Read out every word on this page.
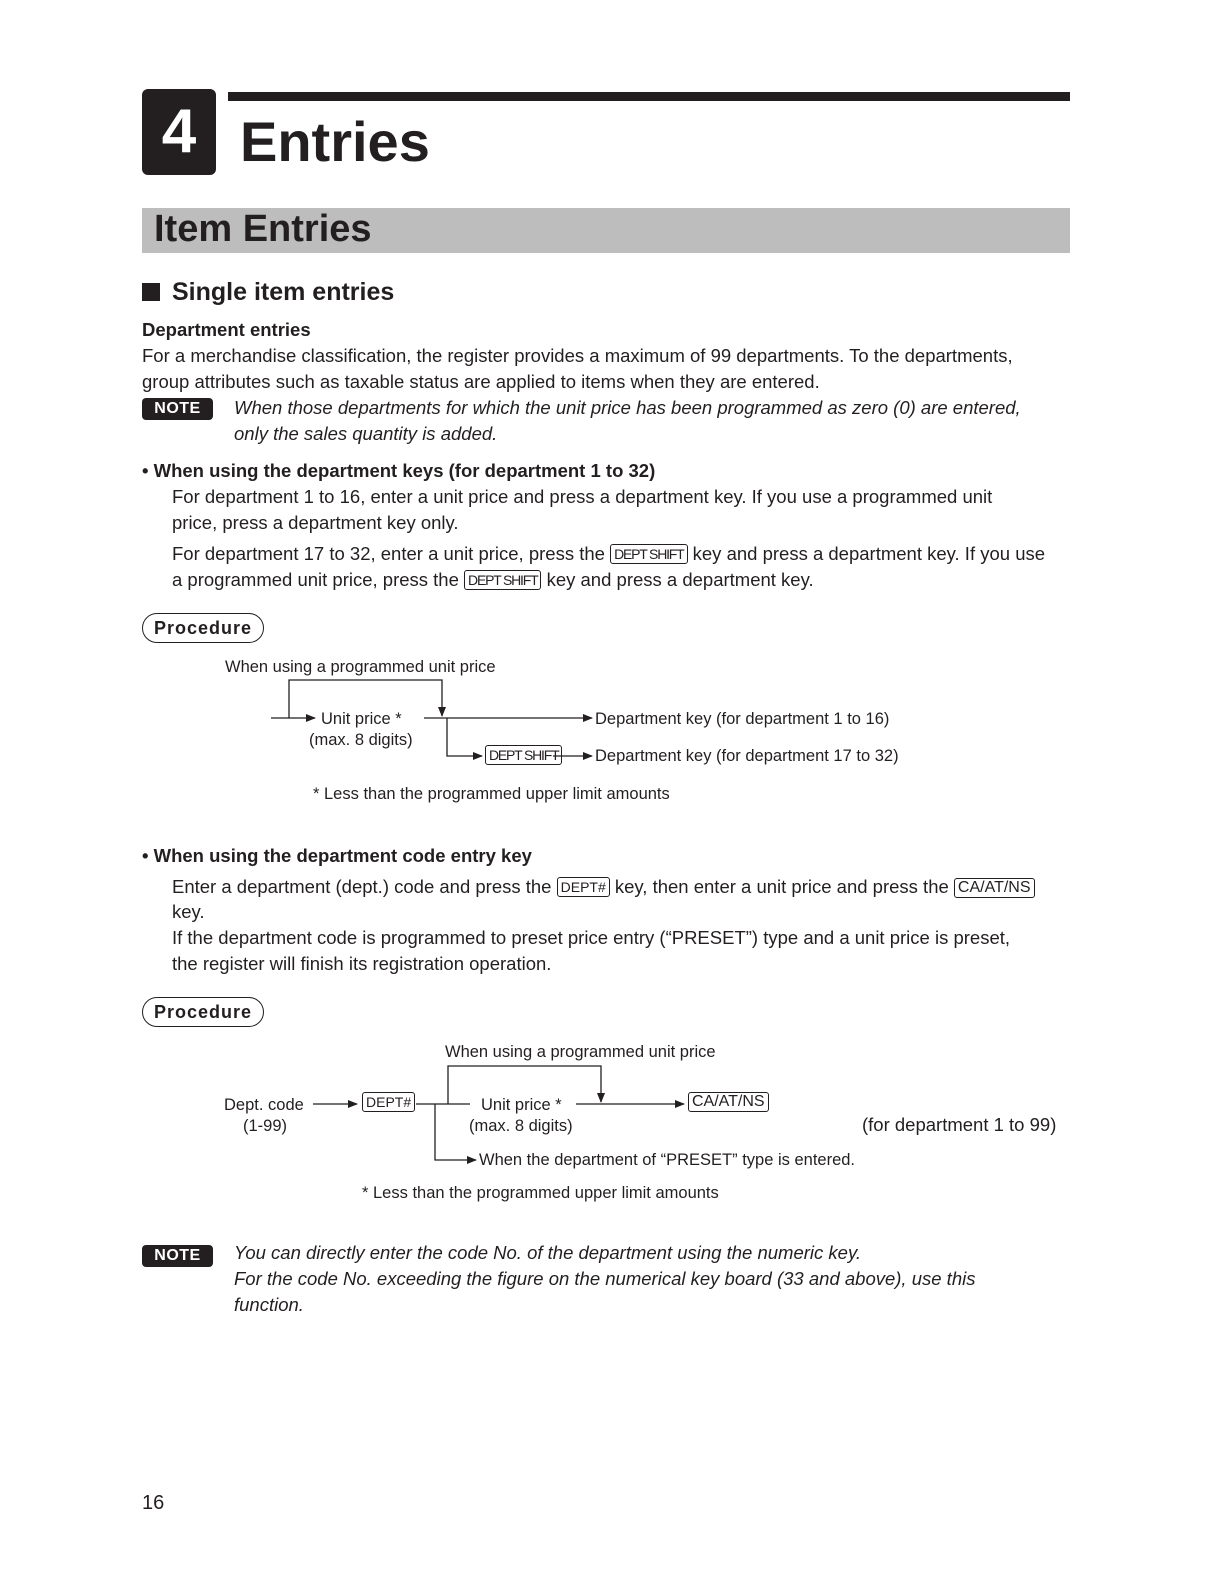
4 Entries
Item Entries
Single item entries
Department entries
For a merchandise classification, the register provides a maximum of 99 departments. To the departments,
group attributes such as taxable status are applied to items when they are entered.
NOTE	When those departments for which the unit price has been programmed as zero (0) are entered,
only the sales quantity is added.
• When using the department keys (for department 1 to 32)
For department 1 to 16, enter a unit price and press a department key. If you use a programmed unit
price, press a department key only.
For department 17 to 32, enter a unit price, press the DEPT SHIFT key and press a department key. If you use
a programmed unit price, press the DEPT SHIFT key and press a department key.
Procedure
When using a programmed unit price
Unit price *
(max. 8 digits)
Department key (for department 1 to 16)
DEPT SHIFT Department key (for department 17 to 32)
* Less than the programmed upper limit amounts
• When using the department code entry key
Enter a department (dept.) code and press the DEPT# key, then enter a unit price and press the CA/AT/NS
key.
If the department code is programmed to preset price entry (“PRESET”) type and a unit price is preset,
the register will finish its registration operation.
Procedure
When using a programmed unit price
Dept. code
(1-99)
DEPT#	Unit price *
(max. 8 digits)
CA/AT/NS
(for department 1 to 99)
When the department of “PRESET” type is entered.
* Less than the programmed upper limit amounts
NOTE	You can directly enter the code No. of the department using the numeric key.
For the code No. exceeding the figure on the numerical key board (33 and above), use this
function.
16
